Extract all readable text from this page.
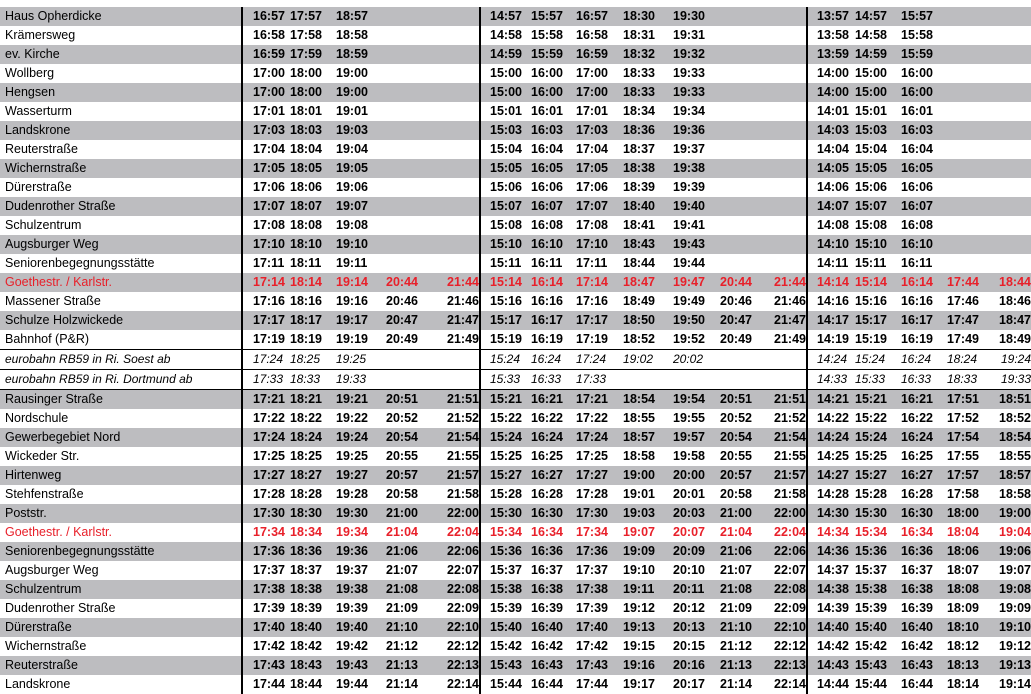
Haus Opherdicke	16:57	17:57	18:57			14:57	15:57	16:57	18:30	19:30			13:57	14:57	15:57		
Krämersweg	16:58	17:58	18:58			14:58	15:58	16:58	18:31	19:31			13:58	14:58	15:58		
ev. Kirche	16:59	17:59	18:59			14:59	15:59	16:59	18:32	19:32			13:59	14:59	15:59		
Wollberg	17:00	18:00	19:00			15:00	16:00	17:00	18:33	19:33			14:00	15:00	16:00		
Hengsen	17:00	18:00	19:00			15:00	16:00	17:00	18:33	19:33			14:00	15:00	16:00		
Wasserturm	17:01	18:01	19:01			15:01	16:01	17:01	18:34	19:34			14:01	15:01	16:01		
Landskrone	17:03	18:03	19:03			15:03	16:03	17:03	18:36	19:36			14:03	15:03	16:03		
Reuterstraße	17:04	18:04	19:04			15:04	16:04	17:04	18:37	19:37			14:04	15:04	16:04		
Wichernstraße	17:05	18:05	19:05			15:05	16:05	17:05	18:38	19:38			14:05	15:05	16:05		
Dürerstraße	17:06	18:06	19:06			15:06	16:06	17:06	18:39	19:39			14:06	15:06	16:06		
Dudenrother Straße	17:07	18:07	19:07			15:07	16:07	17:07	18:40	19:40			14:07	15:07	16:07		
Schulzentrum	17:08	18:08	19:08			15:08	16:08	17:08	18:41	19:41			14:08	15:08	16:08		
Augsburger Weg	17:10	18:10	19:10			15:10	16:10	17:10	18:43	19:43			14:10	15:10	16:10		
Seniorenbegegnungsstätte	17:11	18:11	19:11			15:11	16:11	17:11	18:44	19:44			14:11	15:11	16:11		
Goethestr. / Karlstr.	17:14	18:14	19:14	20:44	21:44	15:14	16:14	17:14	18:47	19:47	20:44	21:44	14:14	15:14	16:14	17:44	18:44
Massener Straße	17:16	18:16	19:16	20:46	21:46	15:16	16:16	17:16	18:49	19:49	20:46	21:46	14:16	15:16	16:16	17:46	18:46
Schulze Holzwickede	17:17	18:17	19:17	20:47	21:47	15:17	16:17	17:17	18:50	19:50	20:47	21:47	14:17	15:17	16:17	17:47	18:47
Bahnhof (P&R)	17:19	18:19	19:19	20:49	21:49	15:19	16:19	17:19	18:52	19:52	20:49	21:49	14:19	15:19	16:19	17:49	18:49
eurobahn RB59 in Ri. Soest ab	17:24	18:25	19:25			15:24	16:24	17:24	19:02	20:02			14:24	15:24	16:24	18:24	19:24
eurobahn RB59 in Ri. Dortmund ab	17:33	18:33	19:33			15:33	16:33	17:33					14:33	15:33	16:33	18:33	19:33
Rausinger Straße	17:21	18:21	19:21	20:51	21:51	15:21	16:21	17:21	18:54	19:54	20:51	21:51	14:21	15:21	16:21	17:51	18:51
Nordschule	17:22	18:22	19:22	20:52	21:52	15:22	16:22	17:22	18:55	19:55	20:52	21:52	14:22	15:22	16:22	17:52	18:52
Gewerbegebiet Nord	17:24	18:24	19:24	20:54	21:54	15:24	16:24	17:24	18:57	19:57	20:54	21:54	14:24	15:24	16:24	17:54	18:54
Wickeder Str.	17:25	18:25	19:25	20:55	21:55	15:25	16:25	17:25	18:58	19:58	20:55	21:55	14:25	15:25	16:25	17:55	18:55
Hirtenweg	17:27	18:27	19:27	20:57	21:57	15:27	16:27	17:27	19:00	20:00	20:57	21:57	14:27	15:27	16:27	17:57	18:57
Stehfenstraße	17:28	18:28	19:28	20:58	21:58	15:28	16:28	17:28	19:01	20:01	20:58	21:58	14:28	15:28	16:28	17:58	18:58
Poststr.	17:30	18:30	19:30	21:00	22:00	15:30	16:30	17:30	19:03	20:03	21:00	22:00	14:30	15:30	16:30	18:00	19:00
Goethestr. / Karlstr.	17:34	18:34	19:34	21:04	22:04	15:34	16:34	17:34	19:07	20:07	21:04	22:04	14:34	15:34	16:34	18:04	19:04
Seniorenbegegnungsstätte	17:36	18:36	19:36	21:06	22:06	15:36	16:36	17:36	19:09	20:09	21:06	22:06	14:36	15:36	16:36	18:06	19:06
Augsburger Weg	17:37	18:37	19:37	21:07	22:07	15:37	16:37	17:37	19:10	20:10	21:07	22:07	14:37	15:37	16:37	18:07	19:07
Schulzentrum	17:38	18:38	19:38	21:08	22:08	15:38	16:38	17:38	19:11	20:11	21:08	22:08	14:38	15:38	16:38	18:08	19:08
Dudenrother Straße	17:39	18:39	19:39	21:09	22:09	15:39	16:39	17:39	19:12	20:12	21:09	22:09	14:39	15:39	16:39	18:09	19:09
Dürerstraße	17:40	18:40	19:40	21:10	22:10	15:40	16:40	17:40	19:13	20:13	21:10	22:10	14:40	15:40	16:40	18:10	19:10
Wichernstraße	17:42	18:42	19:42	21:12	22:12	15:42	16:42	17:42	19:15	20:15	21:12	22:12	14:42	15:42	16:42	18:12	19:12
Reuterstraße	17:43	18:43	19:43	21:13	22:13	15:43	16:43	17:43	19:16	20:16	21:13	22:13	14:43	15:43	16:43	18:13	19:13
Landskrone	17:44	18:44	19:44	21:14	22:14	15:44	16:44	17:44	19:17	20:17	21:14	22:14	14:44	15:44	16:44	18:14	19:14
